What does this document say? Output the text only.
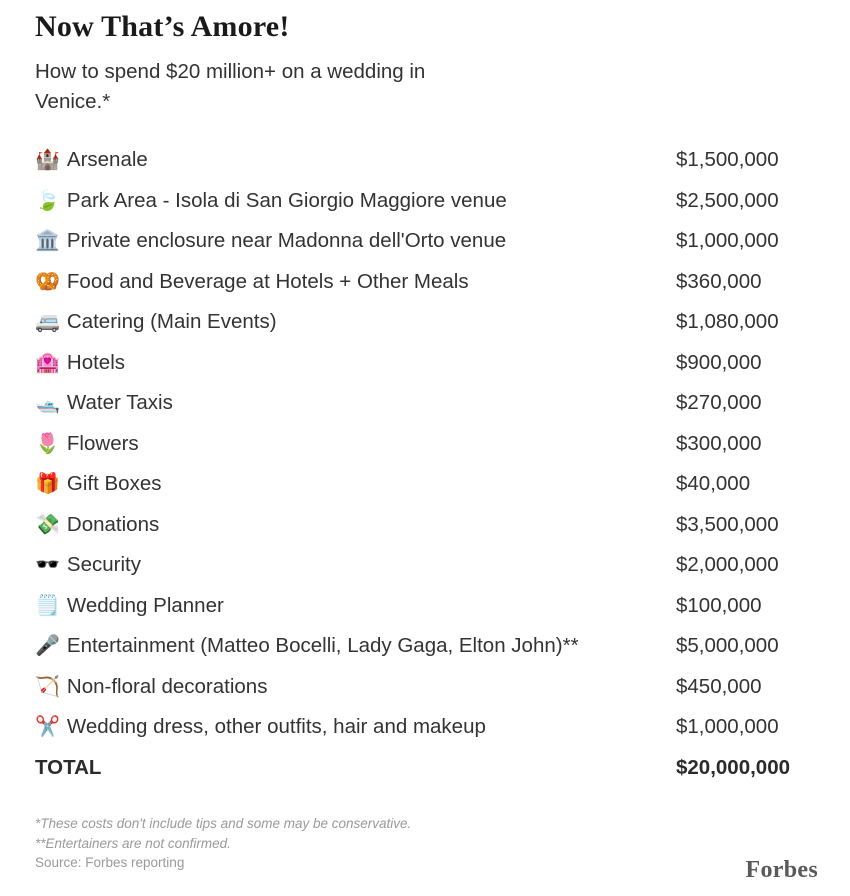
Now That’s Amore!

How to spend $20 million+ on a wedding in Venice.*

🏰 Arsenale	$1,500,000
🍃 Park Area - Isola di San Giorgio Maggiore venue	$2,500,000
🏛️ Private enclosure near Madonna dell'Orto venue	$1,000,000
🥨 Food and Beverage at Hotels + Other Meals	$360,000
🚐 Catering (Main Events)	$1,080,000
🏩 Hotels	$900,000
🛥️ Water Taxis	$270,000
🌷 Flowers	$300,000
🎁 Gift Boxes	$40,000
💸 Donations	$3,500,000
🕶️ Security	$2,000,000
🗒️ Wedding Planner	$100,000
🎤 Entertainment (Matteo Bocelli, Lady Gaga, Elton John)**	$5,000,000
🏹 Non-floral decorations	$450,000
✂️ Wedding dress, other outfits, hair and makeup	$1,000,000
TOTAL	$20,000,000
*These costs don't include tips and some may be conservative.
**Entertainers are not confirmed.
Source: Forbes reporting	Forbes
